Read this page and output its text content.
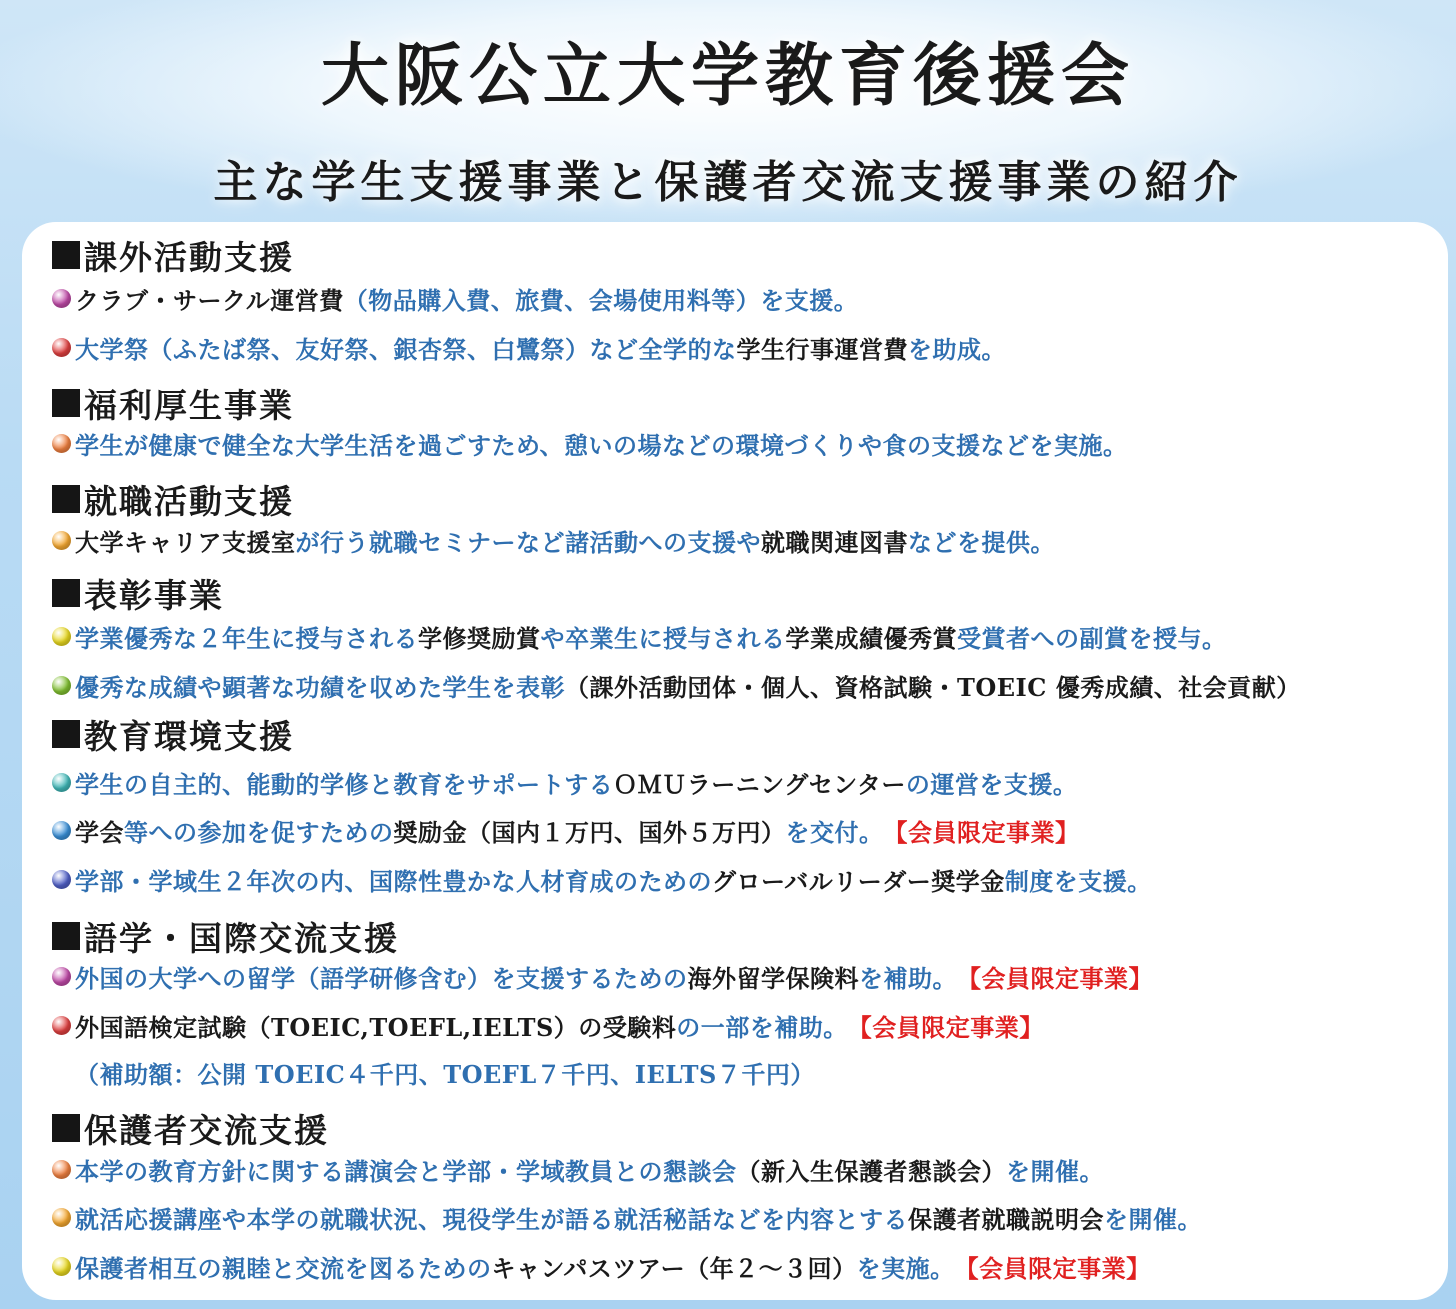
大阪公立大学教育後援会
主な学生支援事業と保護者交流支援事業の紹介
課外活動支援
クラブ・サークル運営費 （物品購入費、旅費、会場使用料等）を支援。
大学祭（ふたば祭、友好祭、銀杏祭、白鷺祭）など全学的な 学生行事運営費 を助成。
福利厚生事業
学生が健康で健全な大学生活を過ごすため、憩いの場などの環境づくりや食の支援などを実施。
就職活動支援
大学キャリア支援室 が行う就職セミナーなど諸活動への支援や 就職関連図書 などを提供。
表彰事業
学業優秀な２年生に授与される 学修奨励賞 や卒業生に授与される 学業成績優秀賞 受賞者への副賞を授与。
優秀な成績や顕著な功績を収めた学生を表彰 （課外活動団体・個人、資格試験・TOEIC 優秀成績、社会貢献）
教育環境支援
学生の自主的、能動的学修と教育をサポートする ＯＭＵラーニングセンター の運営を支援。
学会 等への参加を促すための 奨励金（国内１万円、国外５万円） を交付。 【会員限定事業】
学部・学域生２年次の内、国際性豊かな人材育成のための グローバルリーダー奨学金 制度を支援。
語学・国際交流支援
外国の大学への留学（語学研修含む）を支援するための 海外留学保険料 を補助。 【会員限定事業】
外国語検定試験（TOEIC,TOEFL,IELTS）の受験料 の一部を補助。 【会員限定事業】
（補助額：公開 TOEIC４千円、TOEFL７千円、IELTS７千円）
保護者交流支援
本学の教育方針に関する講演会と学部・学域教員との懇談会 （新入生保護者懇談会） を開催。
就活応援講座や本学の就職状況、現役学生が語る就活秘話などを内容とする 保護者就職説明会 を開催。
保護者相互の親睦と交流を図るための キャンパスツアー（年２～３回） を実施。 【会員限定事業】
